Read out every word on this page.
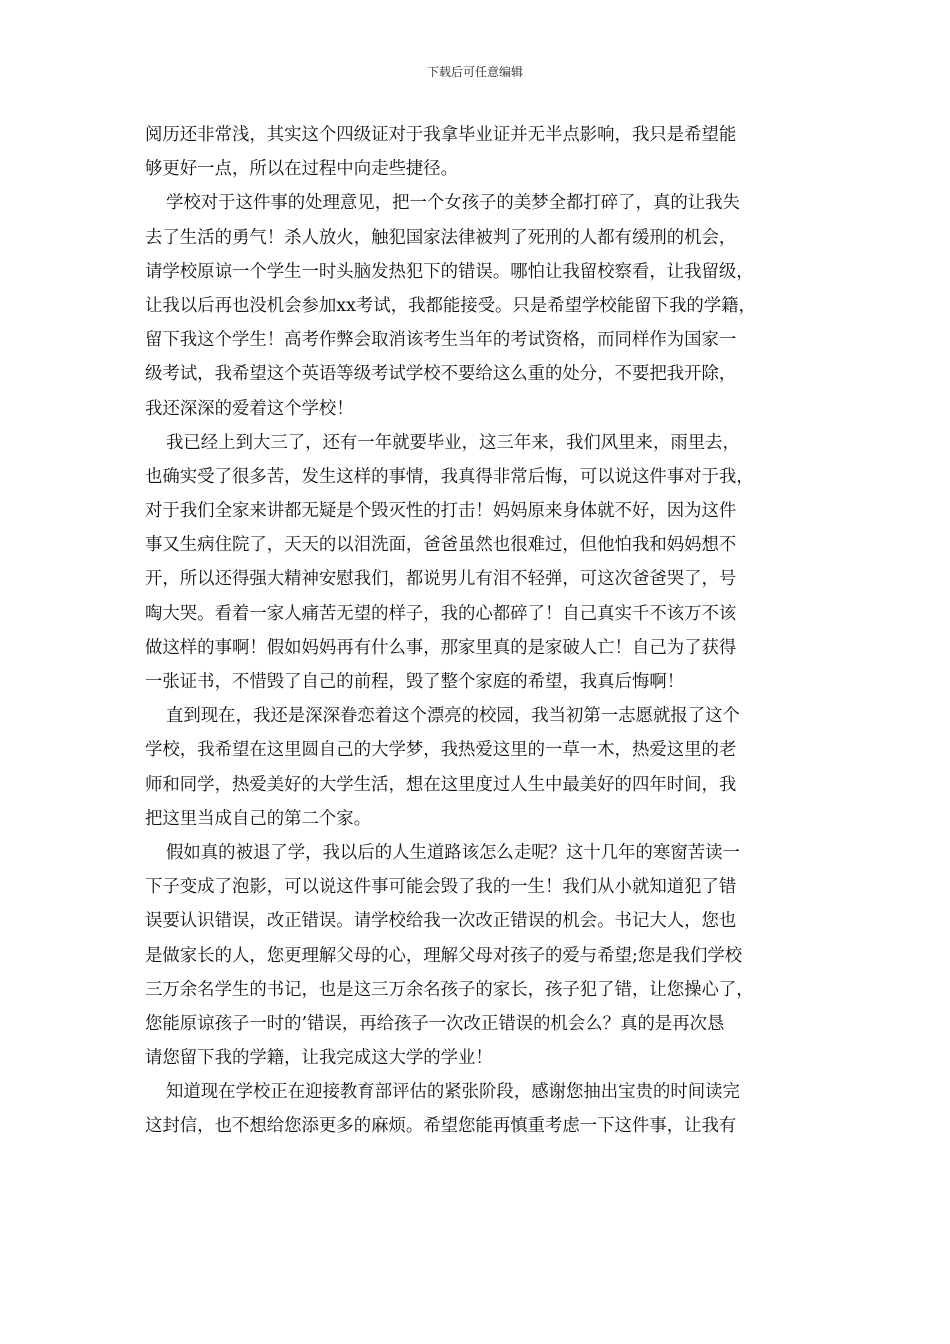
下载后可任意编辑
阅历还非常浅，其实这个四级证对于我拿毕业证并无半点影响，我只是希望能
够更好一点，所以在过程中向走些捷径。
学校对于这件事的处理意见，把一个女孩子的美梦全都打碎了，真的让我失
去了生活的勇气！杀人放火，触犯国家法律被判了死刑的人都有缓刑的机会，
请学校原谅一个学生一时头脑发热犯下的错误。哪怕让我留校察看，让我留级，
让我以后再也没机会参加xx考试，我都能接受。只是希望学校能留下我的学籍，
留下我这个学生！高考作弊会取消该考生当年的考试资格，而同样作为国家一
级考试，我希望这个英语等级考试学校不要给这么重的处分，不要把我开除，
我还深深的爱着这个学校！
我已经上到大三了，还有一年就要毕业，这三年来，我们风里来，雨里去，
也确实受了很多苦，发生这样的事情，我真得非常后悔，可以说这件事对于我，
对于我们全家来讲都无疑是个毁灭性的打击！妈妈原来身体就不好，因为这件
事又生病住院了，天天的以泪洗面，爸爸虽然也很难过，但他怕我和妈妈想不
开，所以还得强大精神安慰我们，都说男儿有泪不轻弹，可这次爸爸哭了，号
啕大哭。看着一家人痛苦无望的样子，我的心都碎了！自己真实千不该万不该
做这样的事啊！假如妈妈再有什么事，那家里真的是家破人亡！自己为了获得
一张证书，不惜毁了自己的前程，毁了整个家庭的希望，我真后悔啊！
直到现在，我还是深深眷恋着这个漂亮的校园，我当初第一志愿就报了这个
学校，我希望在这里圆自己的大学梦，我热爱这里的一草一木，热爱这里的老
师和同学，热爱美好的大学生活，想在这里度过人生中最美好的四年时间，我
把这里当成自己的第二个家。
假如真的被退了学，我以后的人生道路该怎么走呢？这十几年的寒窗苦读一
下子变成了泡影，可以说这件事可能会毁了我的一生！我们从小就知道犯了错
误要认识错误，改正错误。请学校给我一次改正错误的机会。书记大人，您也
是做家长的人，您更理解父母的心，理解父母对孩子的爱与希望;您是我们学校
三万余名学生的书记，也是这三万余名孩子的家长，孩子犯了错，让您操心了，
您能原谅孩子一时的’错误，再给孩子一次改正错误的机会么？真的是再次恳
请您留下我的学籍，让我完成这大学的学业！
知道现在学校正在迎接教育部评估的紧张阶段，感谢您抽出宝贵的时间读完
这封信，也不想给您添更多的麻烦。希望您能再慎重考虑一下这件事，让我有
